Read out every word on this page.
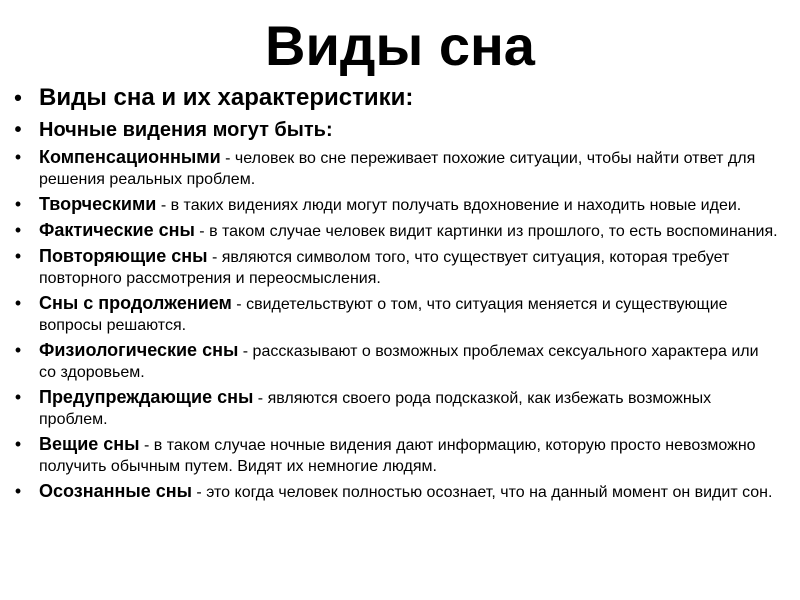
Виды сна
• Виды сна и их характеристики:
• Ночные видения могут быть:
• Компенсационными - человек во сне переживает похожие ситуации, чтобы найти ответ для решения реальных проблем.
• Творческими - в таких видениях люди могут получать вдохновение и находить новые идеи.
• Фактические сны - в таком случае человек видит картинки из прошлого, то есть воспоминания.
• Повторяющие сны - являются символом того, что существует ситуация, которая требует повторного рассмотрения и переосмысления.
• Сны с продолжением - свидетельствуют о том, что ситуация меняется и существующие вопросы решаются.
• Физиологические сны - рассказывают о возможных проблемах сексуального характера или со здоровьем.
• Предупреждающие сны - являются своего рода подсказкой, как избежать возможных проблем.
• Вещие сны - в таком случае ночные видения дают информацию, которую просто невозможно получить обычным путем. Видят их немногие людям.
• Осознанные сны - это когда человек полностью осознает, что на данный момент он видит сон.
